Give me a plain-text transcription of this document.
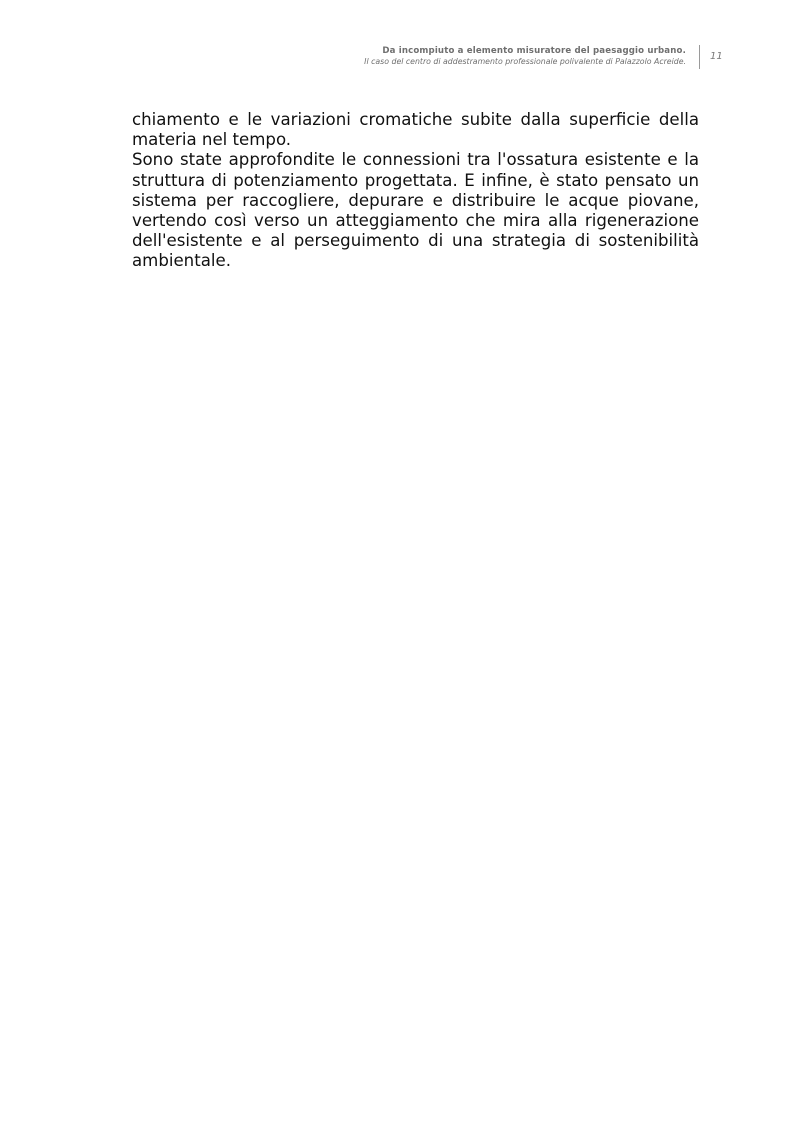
Da incompiuto a elemento misuratore del paesaggio urbano.
Il caso del centro di addestramento professionale polivalente di Palazzolo Acreide. 11

chiamento e le variazioni cromatiche subite dalla superficie della materia nel tempo.

Sono state approfondite le connessioni tra l'ossatura esistente e la struttura di potenziamento progettata. E infine, è stato pensato un sistema per raccogliere, depurare e distribuire le acque piovane, vertendo così verso un atteggiamento che mira alla rigenerazione dell'esistente e al perseguimento di una strategia di sostenibilità ambientale.
